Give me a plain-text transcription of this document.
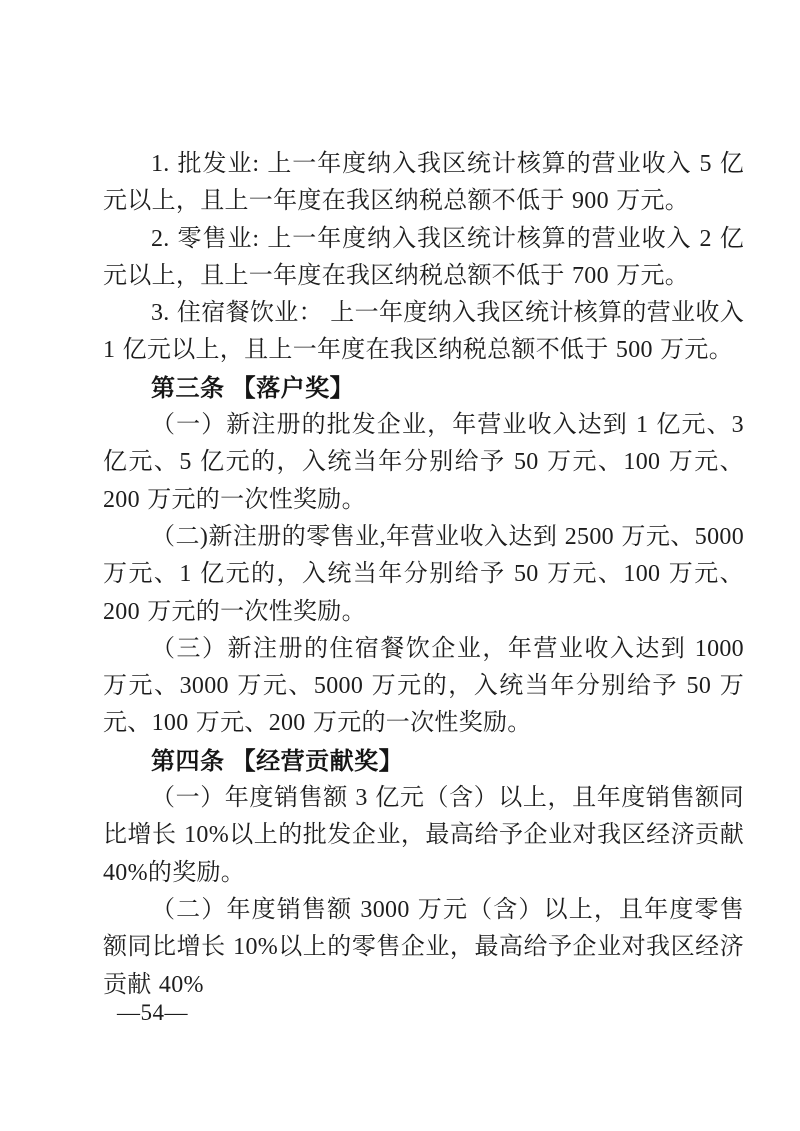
1. 批发业: 上一年度纳入我区统计核算的营业收入 5 亿元以上，且上一年度在我区纳税总额不低于 900 万元。

2. 零售业: 上一年度纳入我区统计核算的营业收入 2 亿元以上，且上一年度在我区纳税总额不低于 700 万元。

3. 住宿餐饮业： 上一年度纳入我区统计核算的营业收入 1 亿元以上，且上一年度在我区纳税总额不低于 500 万元。

第三条 【落户奖】

（一）新注册的批发企业，年营业收入达到 1 亿元、3 亿元、5 亿元的，入统当年分别给予 50 万元、100 万元、200 万元的一次性奖励。

（二)新注册的零售业,年营业收入达到 2500 万元、5000 万元、1 亿元的，入统当年分别给予 50 万元、100 万元、200 万元的一次性奖励。

（三）新注册的住宿餐饮企业，年营业收入达到 1000 万元、3000 万元、5000 万元的，入统当年分别给予 50 万元、100 万元、200 万元的一次性奖励。

第四条 【经营贡献奖】

（一）年度销售额 3 亿元（含）以上，且年度销售额同比增长 10%以上的批发企业，最高给予企业对我区经济贡献 40%的奖励。

（二）年度销售额 3000 万元（含）以上，且年度零售额同比增长 10%以上的零售企业，最高给予企业对我区经济贡献 40%

—54—
